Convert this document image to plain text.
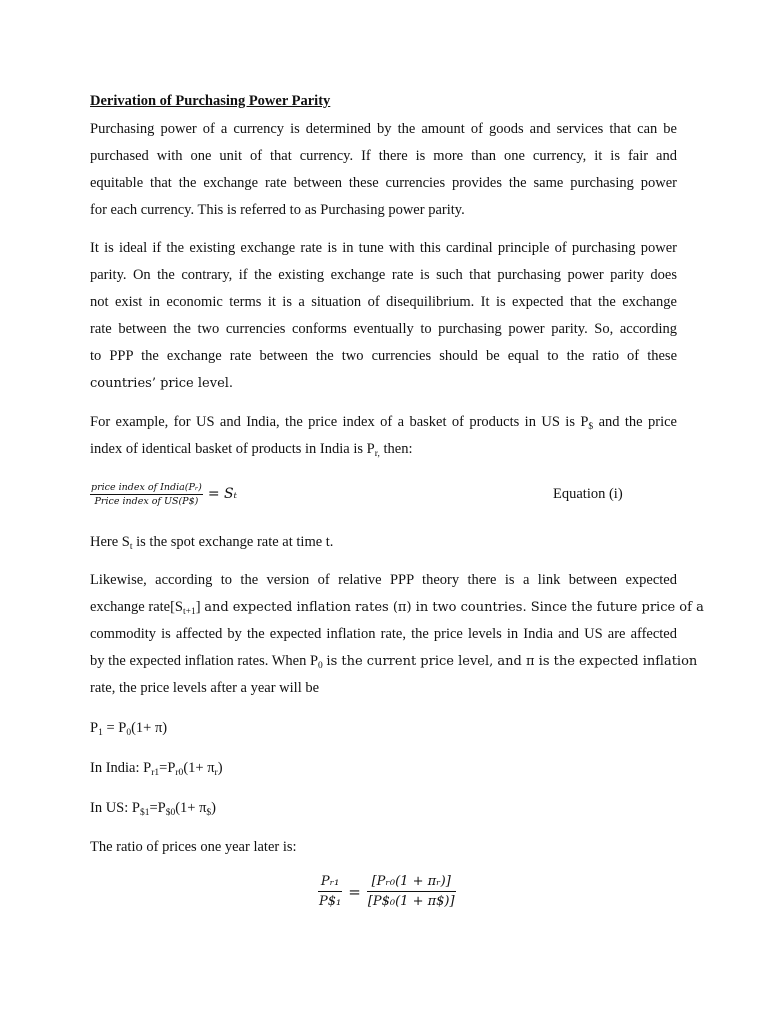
Derivation of Purchasing Power Parity
Purchasing power of a currency is determined by the amount of goods and services that can be
purchased with one unit of that currency. If there is more than one currency, it is fair and
equitable that the exchange rate between these currencies provides the same purchasing power
for each currency. This is referred to as Purchasing power parity.
It is ideal if the existing exchange rate is in tune with this cardinal principle of purchasing power
parity. On the contrary, if the existing exchange rate is such that purchasing power parity does
not exist in economic terms it is a situation of disequilibrium. It is expected that the exchange
rate between the two currencies conforms eventually to purchasing power parity. So, according
to PPP the exchange rate between the two currencies should be equal to the ratio of these
countries’ price level.
For example, for US and India, the price index of a basket of products in US is $P_{\$}$ and the price
index of identical basket of products in India is $P_{r,}$ then:
$\frac{\text{price index of India(Pᵣ)}}{\text{Price index of US(P\$)}} = S_t$	Equation (i)
Here $S_t$ is the spot exchange rate at time t.
Likewise, according to the version of relative PPP theory there is a link between expected
exchange $rate[S_{t+1}]$ and expected inflation rates (π) in two countries. Since the future price of a
commodity is affected by the expected inflation rate, the price levels in India and US are affected
by the expected inflation rates. When $P_0$ is the current price level, and π is the expected inflation
rate, the price levels after a year will be
$P_1 = P_0(1+ \pi)$
In India: $P_{r1}=P_{r0}(1+ \pi_r)$
In US: $P_{\$1}=P_{\$0}(1+ \pi_{\$})$
The ratio of prices one year later is:
$\frac{\text{Pᵣ₁}}{\text{P\$₁}} = \frac{\text{[Pᵣ₀(1 + πᵣ)]}}{\text{[P\$₀(1 + π\$)]}}$
